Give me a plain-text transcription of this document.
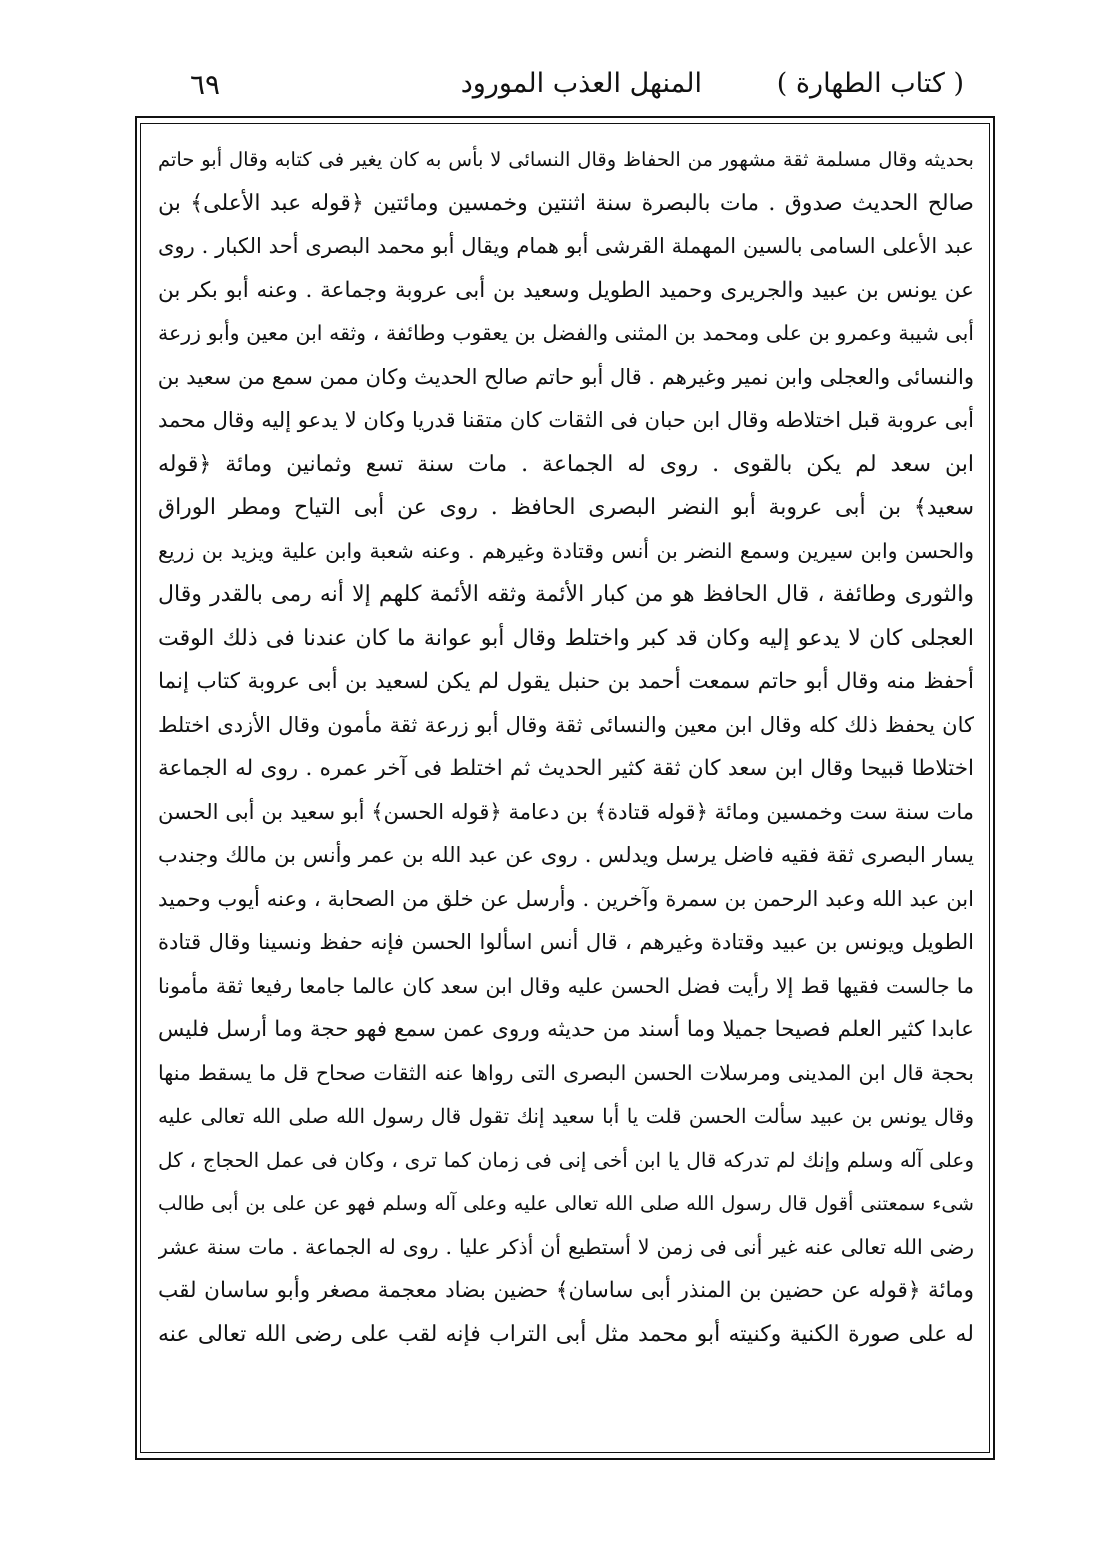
( كتاب الطهارة )
المنهل العذب المورود
٦٩
بحديثه وقال مسلمة ثقة مشهور من الحفاظ وقال النسائى لا بأس به كان يغير فى كتابه وقال أبو حاتم
صالح الحديث صدوق . مات بالبصرة سنة اثنتين وخمسين ومائتين ﴿قوله عبد الأعلى﴾ بن
عبد الأعلى السامى بالسين المهملة القرشى أبو همام ويقال أبو محمد البصرى أحد الكبار . روى
عن يونس بن عبيد والجريرى وحميد الطويل وسعيد بن أبى عروبة وجماعة . وعنه أبو بكر بن
أبى شيبة وعمرو بن على ومحمد بن المثنى والفضل بن يعقوب وطائفة ، وثقه ابن معين وأبو زرعة
والنسائى والعجلى وابن نمير وغيرهم . قال أبو حاتم صالح الحديث وكان ممن سمع من سعيد بن
أبى عروبة قبل اختلاطه وقال ابن حبان فى الثقات كان متقنا قدريا وكان لا يدعو إليه وقال محمد
ابن سعد لم يكن بالقوى . روى له الجماعة . مات سنة تسع وثمانين ومائة ﴿قوله
سعيد﴾ بن أبى عروبة أبو النضر البصرى الحافظ . روى عن أبى التياح ومطر الوراق
والحسن وابن سيرين وسمع النضر بن أنس وقتادة وغيرهم . وعنه شعبة وابن علية ويزيد بن زريع
والثورى وطائفة ، قال الحافظ هو من كبار الأئمة وثقه الأئمة كلهم إلا أنه رمى بالقدر وقال
العجلى كان لا يدعو إليه وكان قد كبر واختلط وقال أبو عوانة ما كان عندنا فى ذلك الوقت
أحفظ منه وقال أبو حاتم سمعت أحمد بن حنبل يقول لم يكن لسعيد بن أبى عروبة كتاب إنما
كان يحفظ ذلك كله وقال ابن معين والنسائى ثقة وقال أبو زرعة ثقة مأمون وقال الأزدى اختلط
اختلاطا قبيحا وقال ابن سعد كان ثقة كثير الحديث ثم اختلط فى آخر عمره . روى له الجماعة
مات سنة ست وخمسين ومائة ﴿قوله قتادة﴾ بن دعامة ﴿قوله الحسن﴾ أبو سعيد بن أبى الحسن
يسار البصرى ثقة فقيه فاضل يرسل ويدلس . روى عن عبد الله بن عمر وأنس بن مالك وجندب
ابن عبد الله وعبد الرحمن بن سمرة وآخرين . وأرسل عن خلق من الصحابة ، وعنه أيوب وحميد
الطويل ويونس بن عبيد وقتادة وغيرهم ، قال أنس اسألوا الحسن فإنه حفظ ونسينا وقال قتادة
ما جالست فقيها قط إلا رأيت فضل الحسن عليه وقال ابن سعد كان عالما جامعا رفيعا ثقة مأمونا
عابدا كثير العلم فصيحا جميلا وما أسند من حديثه وروى عمن سمع فهو حجة وما أرسل فليس
بحجة قال ابن المدينى ومرسلات الحسن البصرى التى رواها عنه الثقات صحاح قل ما يسقط منها
وقال يونس بن عبيد سألت الحسن قلت يا أبا سعيد إنك تقول قال رسول الله صلى الله تعالى عليه
وعلى آله وسلم وإنك لم تدركه قال يا ابن أخى إنى فى زمان كما ترى ، وكان فى عمل الحجاج ، كل
شىء سمعتنى أقول قال رسول الله صلى الله تعالى عليه وعلى آله وسلم فهو عن على بن أبى طالب
رضى الله تعالى عنه غير أنى فى زمن لا أستطيع أن أذكر عليا . روى له الجماعة . مات سنة عشر
ومائة ﴿قوله عن حضين بن المنذر أبى ساسان﴾ حضين بضاد معجمة مصغر وأبو ساسان لقب
له على صورة الكنية وكنيته أبو محمد مثل أبى التراب فإنه لقب على رضى الله تعالى عنه
